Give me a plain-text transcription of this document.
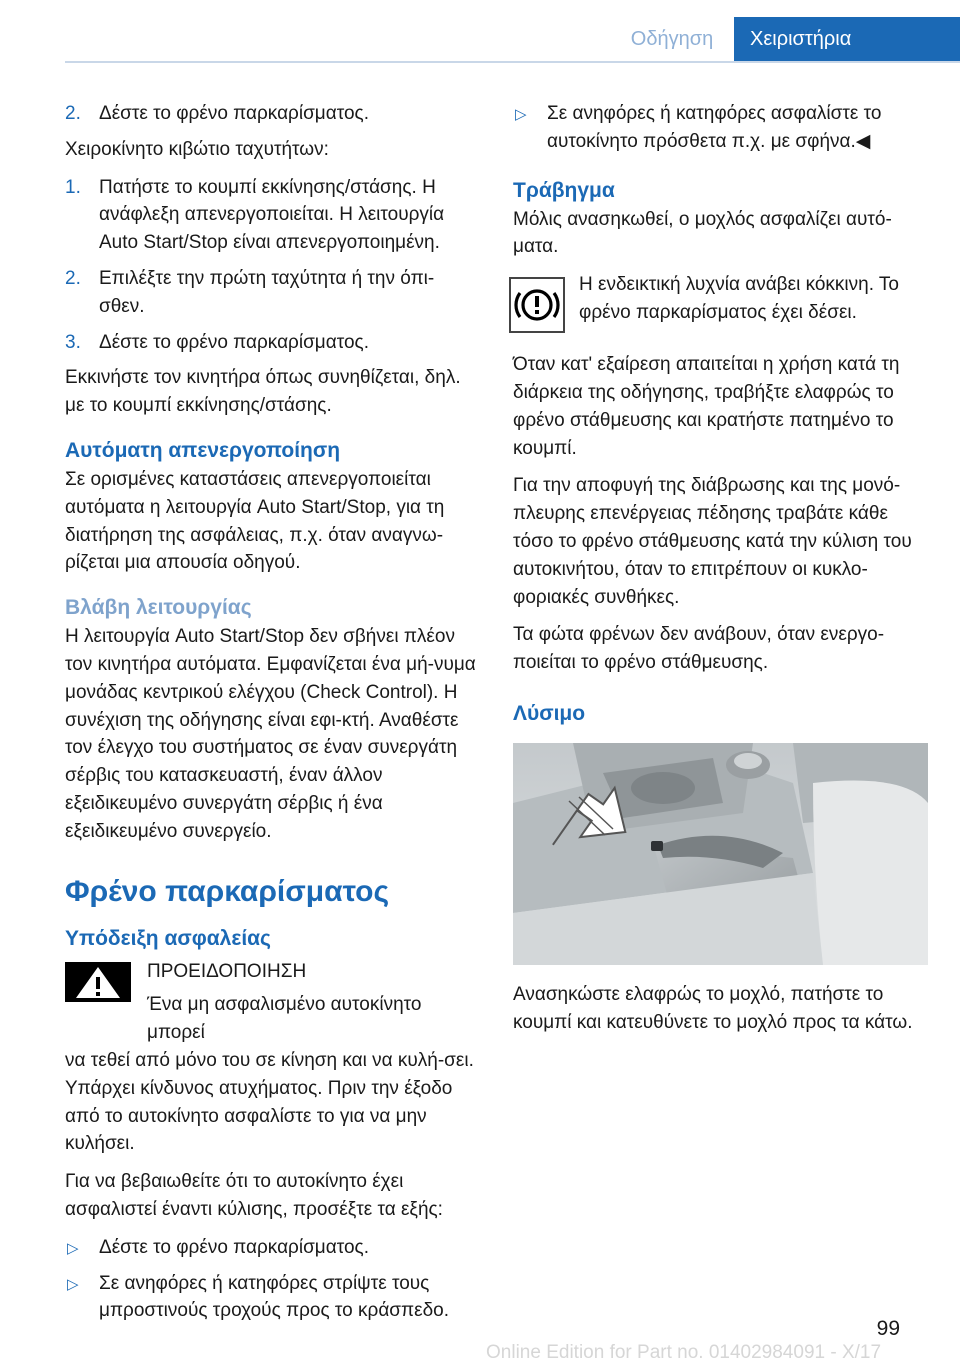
Οδήγηση	Χειριστήρια
2. Δέστε το φρένο παρκαρίσματος.

Χειροκίνητο κιβώτιο ταχυτήτων:

1. Πατήστε το κουμπί εκκίνησης/στάσης. Η ανάφλεξη απενεργοποιείται. Η λειτουργία Auto Start/Stop είναι απενεργοποιημένη.
2. Επιλέξτε την πρώτη ταχύτητα ή την όπι‐σθεν.
3. Δέστε το φρένο παρκαρίσματος.

Εκκινήστε τον κινητήρα όπως συνηθίζεται, δηλ. με το κουμπί εκκίνησης/στάσης.

Αυτόματη απενεργοποίηση

Σε ορισμένες καταστάσεις απενεργοποιείται αυτόματα η λειτουργία Auto Start/Stop, για τη διατήρηση της ασφάλειας, π.χ. όταν αναγνω‐ρίζεται μια απουσία οδηγού.

Βλάβη λειτουργίας

Η λειτουργία Auto Start/Stop δεν σβήνει πλέον τον κινητήρα αυτόματα. Εμφανίζεται ένα μή‐νυμα μονάδας κεντρικού ελέγχου (Check Control). Η συνέχιση της οδήγησης είναι εφι‐κτή. Αναθέστε τον έλεγχο του συστήματος σε έναν συνεργάτη σέρβις του κατασκευαστή, έναν άλλον εξειδικευμένο συνεργάτη σέρβις ή ένα εξειδικευμένο συνεργείο.

Φρένο παρκαρίσματος
Υπόδειξη ασφαλείας
ΠΡΟΕΙΔΟΠΟΙΗΣΗ
Ένα μη ασφαλισμένο αυτοκίνητο μπορεί

να τεθεί από μόνο του σε κίνηση και να κυλή‐σει. Υπάρχει κίνδυνος ατυχήματος. Πριν την έξοδο από το αυτοκίνητο ασφαλίστε το για να μην κυλήσει.

Για να βεβαιωθείτε ότι το αυτοκίνητο έχει ασφαλιστεί έναντι κύλισης, προσέξτε τα εξής:

▷ Δέστε το φρένο παρκαρίσματος.
▷ Σε ανηφόρες ή κατηφόρες στρίψτε τους μπροστινούς τροχούς προς το κράσπεδο.
▷ Σε ανηφόρες ή κατηφόρες ασφαλίστε το αυτοκίνητο πρόσθετα π.χ. με σφήνα.◀
Τράβηγμα

Μόλις ανασηκωθεί, ο μοχλός ασφαλίζει αυτό‐ματα.

Η ενδεικτική λυχνία ανάβει κόκκινη. Το φρένο παρκαρίσματος έχει δέσει.

Όταν κατ' εξαίρεση απαιτείται η χρήση κατά τη διάρκεια της οδήγησης, τραβήξτε ελαφρώς το φρένο στάθμευσης και κρατήστε πατημένο το κουμπί.

Για την αποφυγή της διάβρωσης και της μονό‐πλευρης επενέργειας πέδησης τραβάτε κάθε τόσο το φρένο στάθμευσης κατά την κύλιση του αυτοκινήτου, όταν το επιτρέπουν οι κυκλο‐φοριακές συνθήκες.

Τα φώτα φρένων δεν ανάβουν, όταν ενεργο‐ποιείται το φρένο στάθμευσης.

Λύσιμο

Ανασηκώστε ελαφρώς το μοχλό, πατήστε το κουμπί και κατευθύνετε το μοχλό προς τα κάτω.

99
Online Edition for Part no. 01402984091 - X/17
